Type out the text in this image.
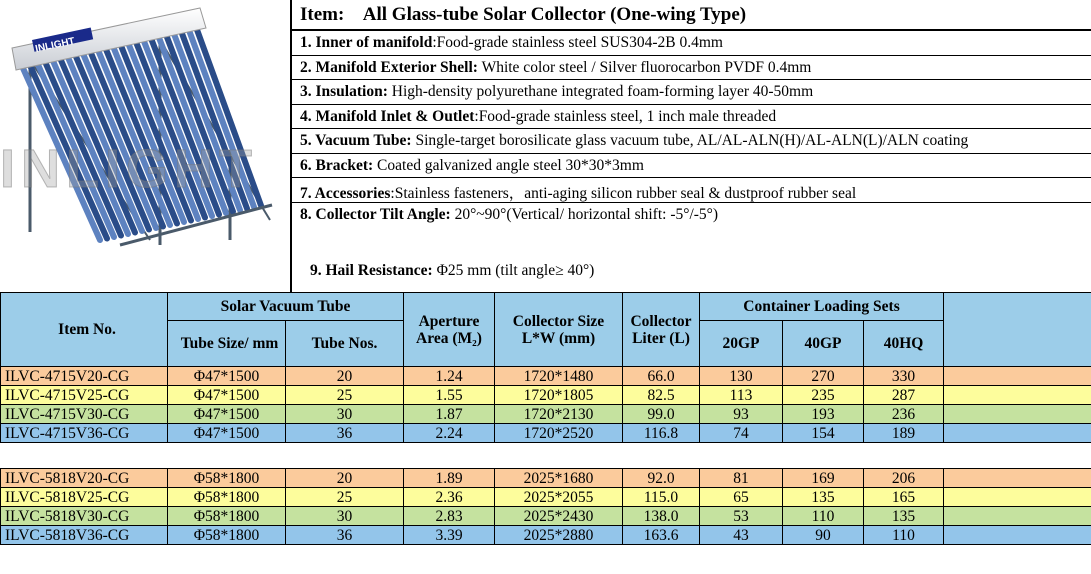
INLIGHT
INLIGHT
Item: All Glass-tube Solar Collector (One-wing Type)
1. Inner of manifold:Food-grade stainless steel SUS304-2B 0.4mm
2. Manifold Exterior Shell: White color steel / Silver fluorocarbon PVDF 0.4mm
3. Insulation: High-density polyurethane integrated foam-forming layer 40-50mm
4. Manifold Inlet & Outlet:Food-grade stainless steel, 1 inch male threaded
5. Vacuum Tube: Single-target borosilicate glass vacuum tube, AL/AL-ALN(H)/AL-ALN(L)/ALN coating
6. Bracket: Coated galvanized angle steel 30*30*3mm
7. Accessories:Stainless fasteners，anti-aging silicon rubber seal & dustproof rubber seal
8. Collector Tilt Angle: 20°~90°(Vertical/ horizontal shift: -5°/-5°)
9. Hail Resistance: Φ25 mm (tilt angle≥ 40°)
Item No.	Solar Vacuum Tube		Aperture Area (M₂)	Collector Size L*W (mm)	Collector Liter (L)	Container Loading Sets			
	Tube Size/ mm	Tube Nos.				20GP	40GP	40HQ	
ILVC-4715V20-CG	Φ47*1500	20	1.24	1720*1480	66.0	130	270	330	
ILVC-4715V25-CG	Φ47*1500	25	1.55	1720*1805	82.5	113	235	287	
ILVC-4715V30-CG	Φ47*1500	30	1.87	1720*2130	99.0	93	193	236	
ILVC-4715V36-CG	Φ47*1500	36	2.24	1720*2520	116.8	74	154	189	

ILVC-5818V20-CG	Φ58*1800	20	1.89	2025*1680	92.0	81	169	206	
ILVC-5818V25-CG	Φ58*1800	25	2.36	2025*2055	115.0	65	135	165	
ILVC-5818V30-CG	Φ58*1800	30	2.83	2025*2430	138.0	53	110	135	
ILVC-5818V36-CG	Φ58*1800	36	3.39	2025*2880	163.6	43	90	110	
